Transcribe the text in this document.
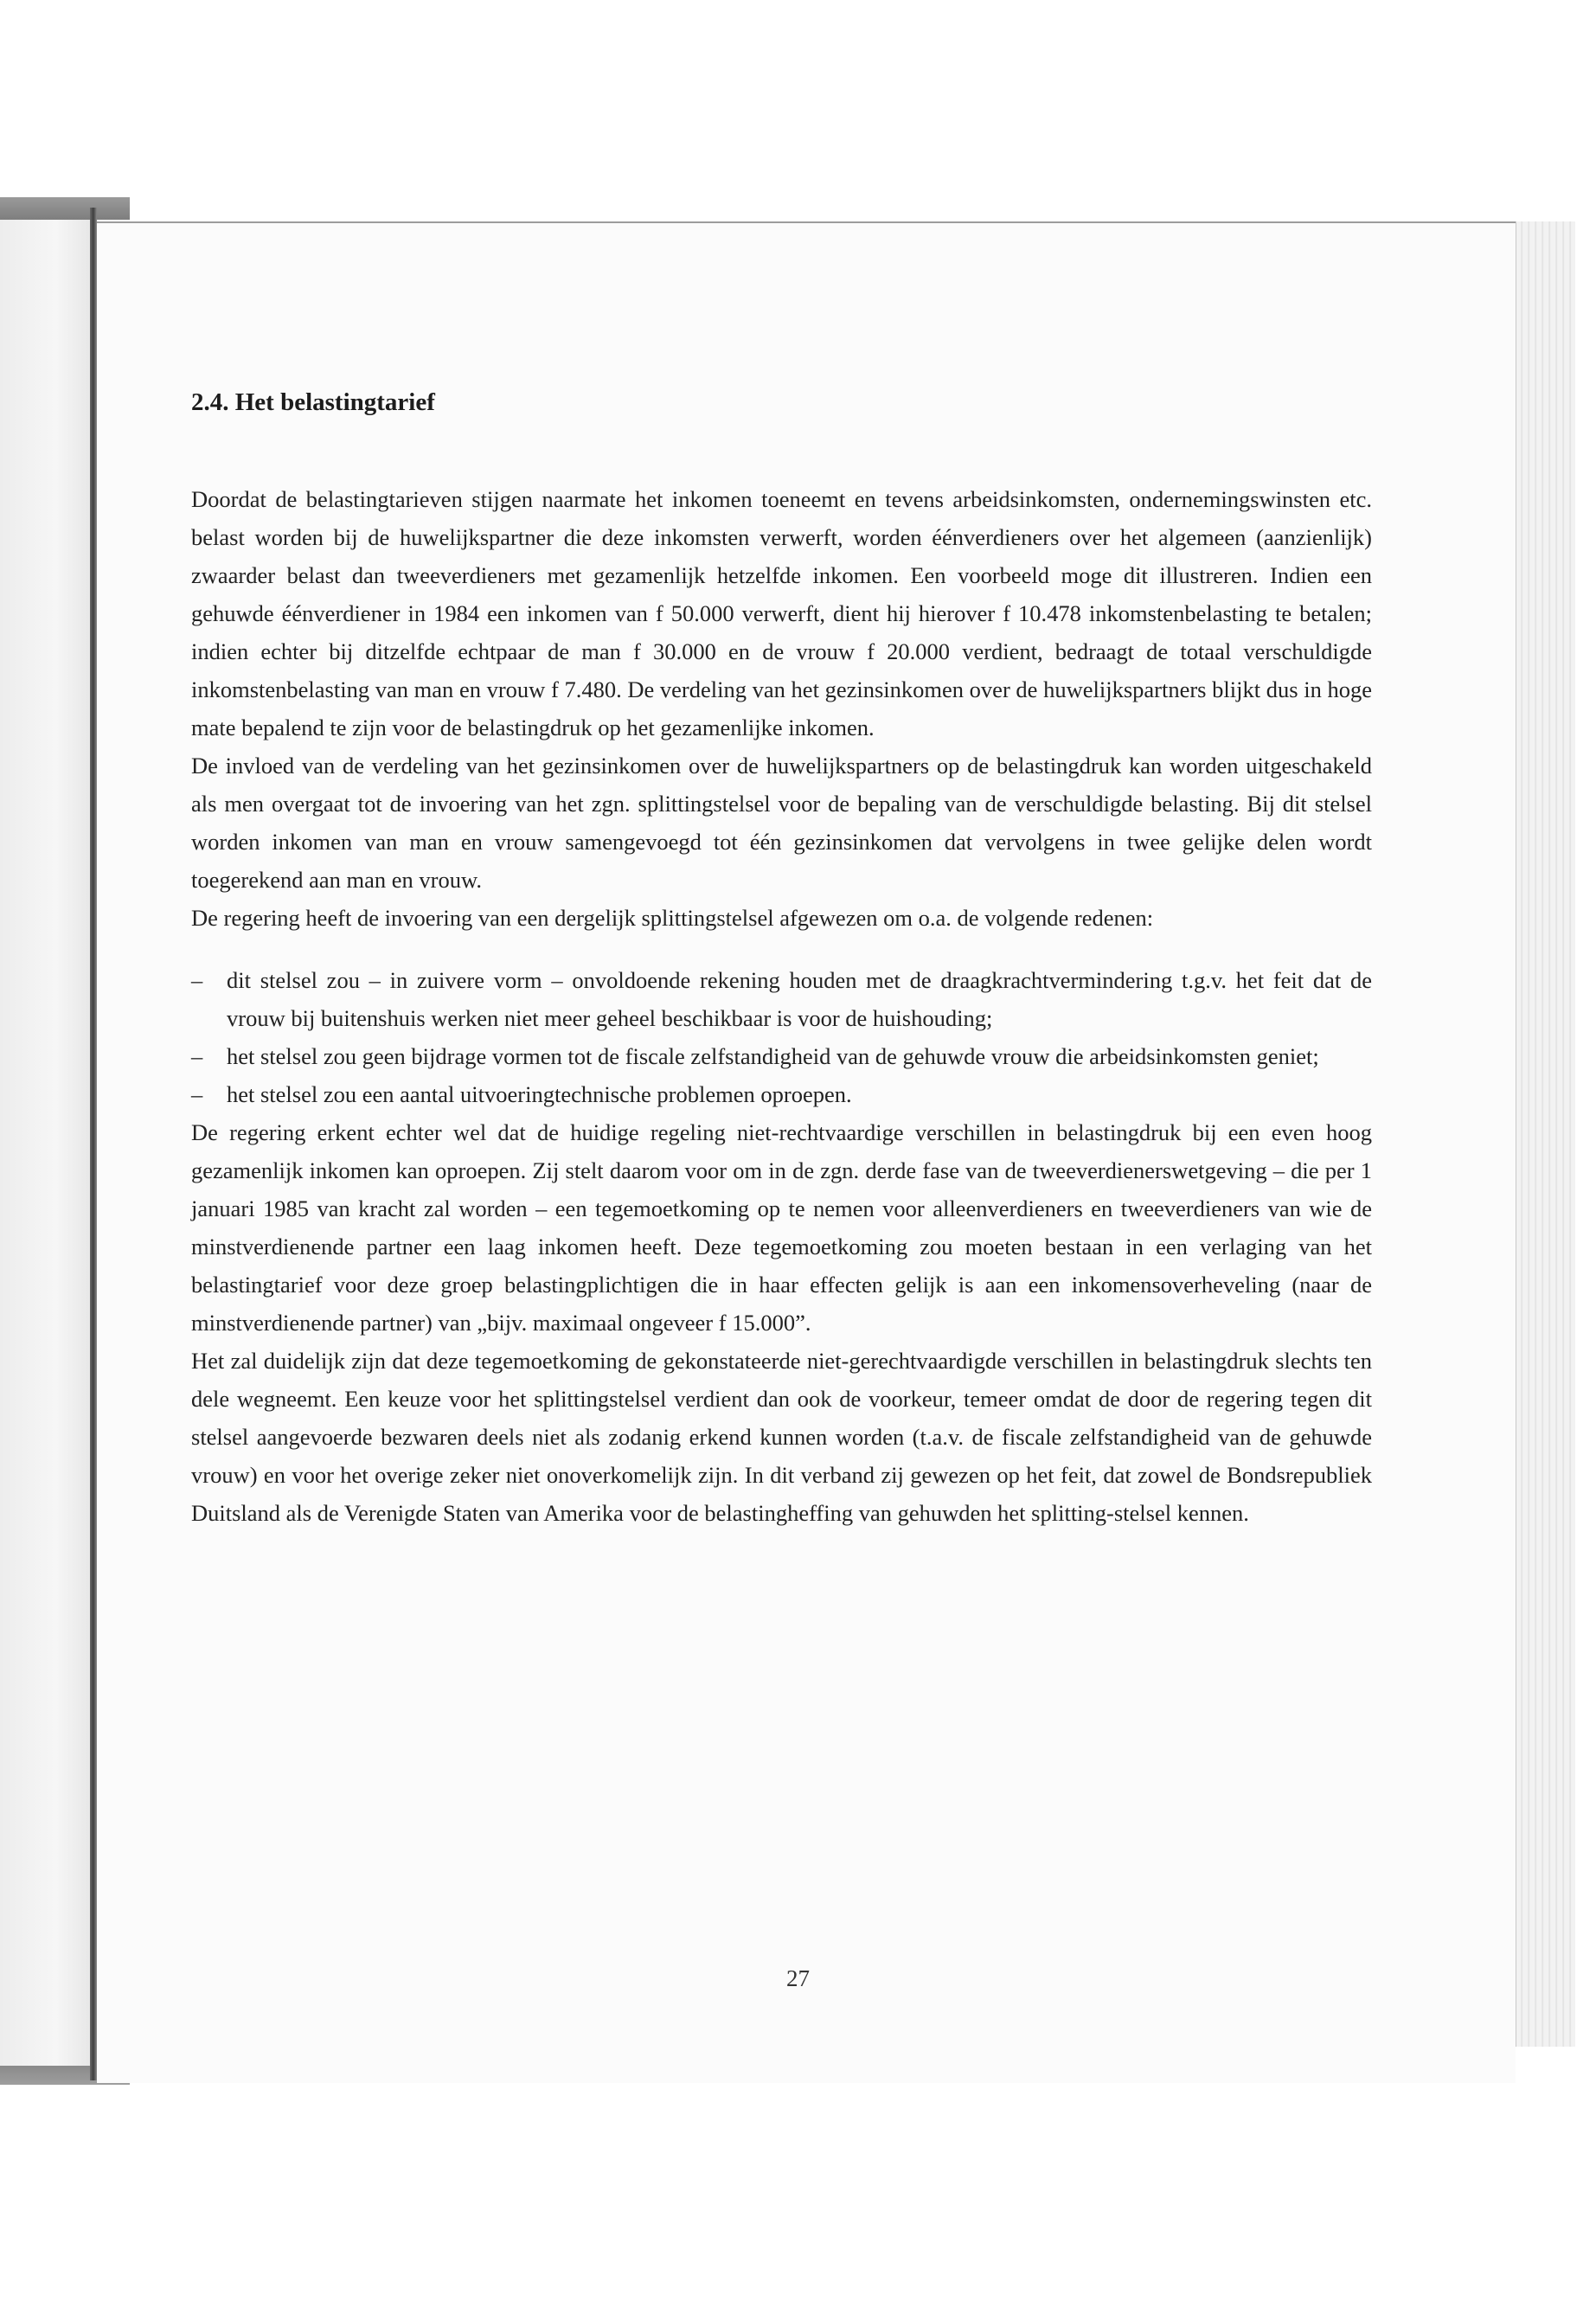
2.4. Het belastingtarief

Doordat de belastingtarieven stijgen naarmate het inkomen toeneemt en tevens arbeidsinkomsten, ondernemingswinsten etc. belast worden bij de huwelijkspartner die deze inkomsten verwerft, worden éénverdieners over het algemeen (aanzienlijk) zwaarder belast dan tweeverdieners met gezamenlijk hetzelfde inkomen. Een voorbeeld moge dit illustreren. Indien een gehuwde éénverdiener in 1984 een inkomen van f 50.000 verwerft, dient hij hierover f 10.478 inkomstenbelasting te betalen; indien echter bij ditzelfde echtpaar de man f 30.000 en de vrouw f 20.000 verdient, bedraagt de totaal verschuldigde inkomstenbelasting van man en vrouw f 7.480. De verdeling van het gezinsinkomen over de huwelijkspartners blijkt dus in hoge mate bepalend te zijn voor de belastingdruk op het gezamenlijke inkomen.

De invloed van de verdeling van het gezinsinkomen over de huwelijkspartners op de belastingdruk kan worden uitgeschakeld als men overgaat tot de invoering van het zgn. splittingstelsel voor de bepaling van de verschuldigde belasting. Bij dit stelsel worden inkomen van man en vrouw samengevoegd tot één gezinsinkomen dat vervolgens in twee gelijke delen wordt toegerekend aan man en vrouw.

De regering heeft de invoering van een dergelijk splittingstelsel afgewezen om o.a. de volgende redenen:

– dit stelsel zou – in zuivere vorm – onvoldoende rekening houden met de draagkrachtvermindering t.g.v. het feit dat de vrouw bij buitenshuis werken niet meer geheel beschikbaar is voor de huishouding;
– het stelsel zou geen bijdrage vormen tot de fiscale zelfstandigheid van de gehuwde vrouw die arbeidsinkomsten geniet;
– het stelsel zou een aantal uitvoeringtechnische problemen oproepen.

De regering erkent echter wel dat de huidige regeling niet-rechtvaardige verschillen in belastingdruk bij een even hoog gezamenlijk inkomen kan oproepen. Zij stelt daarom voor om in de zgn. derde fase van de tweeverdienerswetgeving – die per 1 januari 1985 van kracht zal worden – een tegemoetkoming op te nemen voor alleenverdieners en tweeverdieners van wie de minstverdienende partner een laag inkomen heeft. Deze tegemoetkoming zou moeten bestaan in een verlaging van het belastingtarief voor deze groep belastingplichtigen die in haar effecten gelijk is aan een inkomensoverheveling (naar de minstverdienende partner) van „bijv. maximaal ongeveer f 15.000”.

Het zal duidelijk zijn dat deze tegemoetkoming de gekonstateerde niet-gerechtvaardigde verschillen in belastingdruk slechts ten dele wegneemt. Een keuze voor het splittingstelsel verdient dan ook de voorkeur, temeer omdat de door de regering tegen dit stelsel aangevoerde bezwaren deels niet als zodanig erkend kunnen worden (t.a.v. de fiscale zelfstandigheid van de gehuwde vrouw) en voor het overige zeker niet onoverkomelijk zijn. In dit verband zij gewezen op het feit, dat zowel de Bondsrepubliek Duitsland als de Verenigde Staten van Amerika voor de belastingheffing van gehuwden het splitting-stelsel kennen.

27
